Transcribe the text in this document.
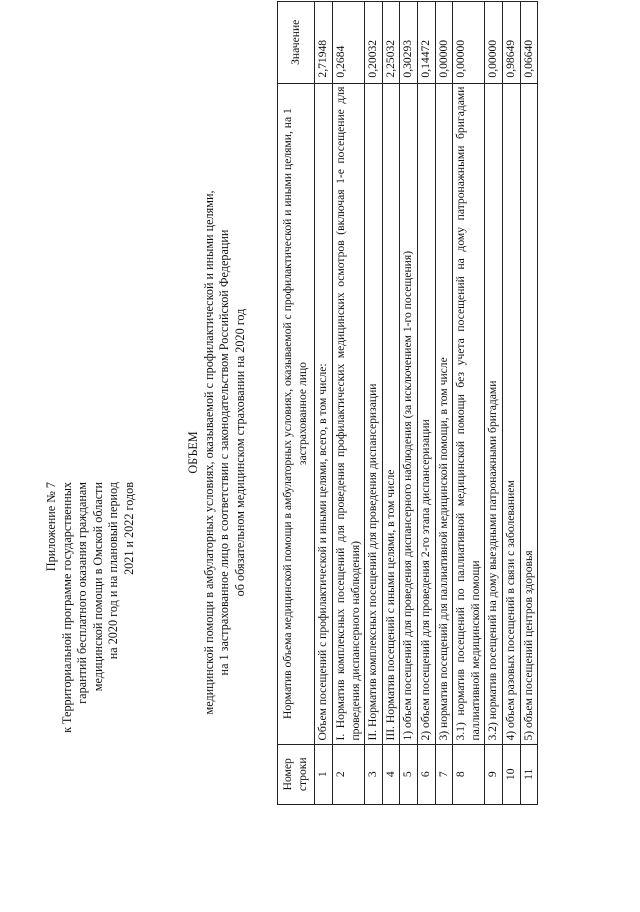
Приложение № 7 к Территориальной программе государственных гарантий бесплатного оказания гражданам медицинской помощи в Омской области на 2020 год и на плановый период 2021 и 2022 годов
ОБЪЕМ медицинской помощи в амбулаторных условиях, оказываемой с профилактической и иными целями, на 1 застрахованное лицо в соответствии с законодательством Российской Федерации об обязательном медицинском страховании на 2020 год
Номер строки	Норматив объема медицинской помощи в амбулаторных условиях, оказываемой с профилактической и иными целями, на 1 застрахованное лицо	Значение
1	Объем посещений с профилактической и иными целями, всего, в том числе:	2,71948
2	I. Норматив комплексных посещений для проведения профилактических медицинских осмотров (включая 1-е посещение для проведения диспансерного наблюдения)	0,2684
3	II. Норматив комплексных посещений для проведения диспансеризации	0,20032
4	III. Норматив посещений с иными целями, в том числе	2,25032
5	1) объем посещений для проведения диспансерного наблюдения (за исключением 1-го посещения)	0,30293
6	2) объем посещений для проведения 2-го этапа диспансеризации	0,14472
7	3) норматив посещений для паллиативной медицинской помощи, в том числе	0,00000
8	3.1) норматив посещений по паллиативной медицинской помощи без учета посещений на дому патронажными бригадами паллиативной медицинской помощи	0,00000
9	3.2) норматив посещений на дому выездными патронажными бригадами	0,00000
10	4) объем разовых посещений в связи с заболеванием	0,98649
11	5) объем посещений центров здоровья	0,06640
